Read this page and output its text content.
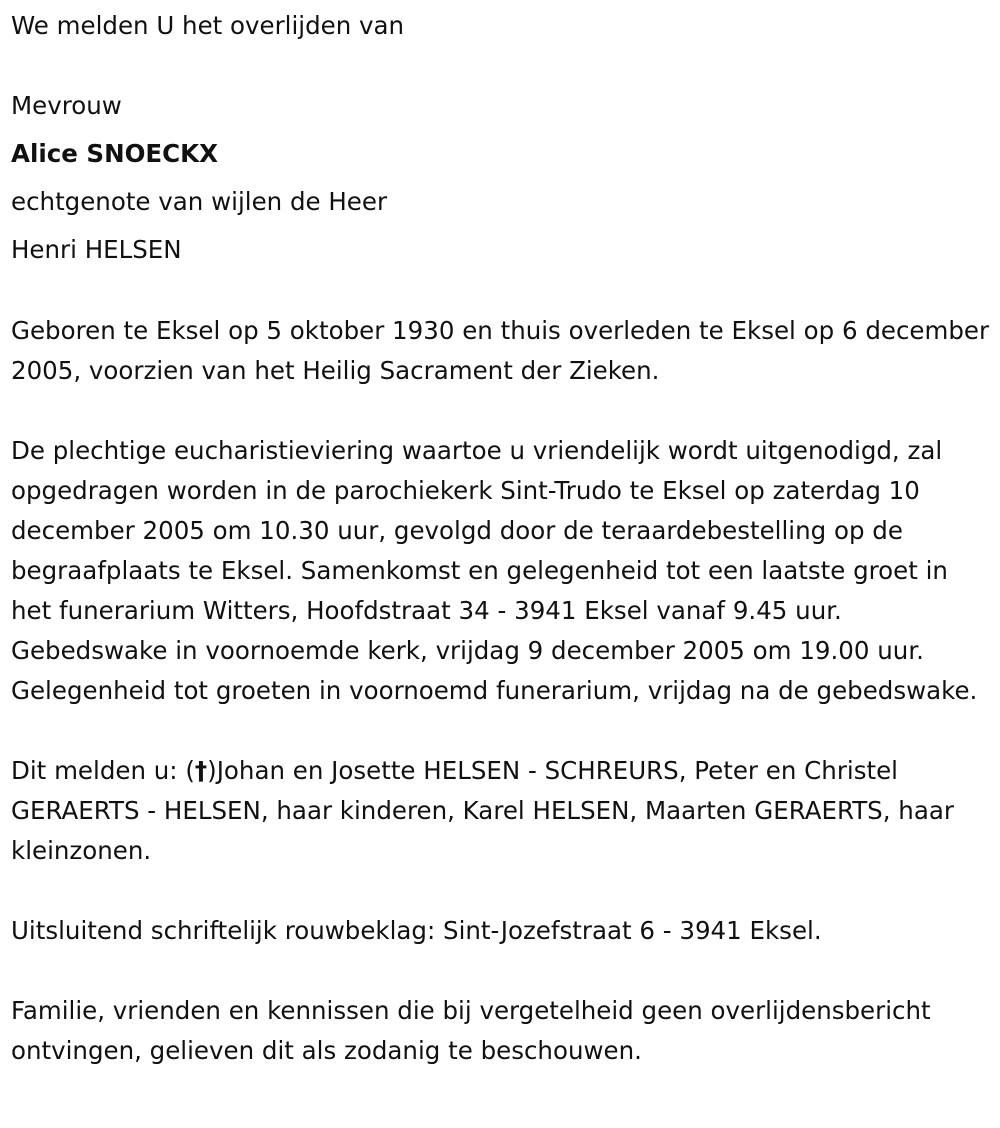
We melden U het overlijden van

Mevrouw

Alice SNOECKX

echtgenote van wijlen de Heer

Henri HELSEN

Geboren te Eksel op 5 oktober 1930 en thuis overleden te Eksel op 6 december 2005, voorzien van het Heilig Sacrament der Zieken.

De plechtige eucharistieviering waartoe u vriendelijk wordt uitgenodigd, zal opgedragen worden in de parochiekerk Sint-Trudo te Eksel op zaterdag 10 december 2005 om 10.30 uur, gevolgd door de teraardebestelling op de begraafplaats te Eksel. Samenkomst en gelegenheid tot een laatste groet in het funerarium Witters, Hoofdstraat 34 - 3941 Eksel vanaf 9.45 uur. Gebedswake in voornoemde kerk, vrijdag 9 december 2005 om 19.00 uur. Gelegenheid tot groeten in voornoemd funerarium, vrijdag na de gebedswake.

Dit melden u: (†)Johan en Josette HELSEN - SCHREURS, Peter en Christel GERAERTS - HELSEN, haar kinderen, Karel HELSEN, Maarten GERAERTS, haar kleinzonen.

Uitsluitend schriftelijk rouwbeklag: Sint-Jozefstraat 6 - 3941 Eksel.

Familie, vrienden en kennissen die bij vergetelheid geen overlijdensbericht ontvingen, gelieven dit als zodanig te beschouwen.
